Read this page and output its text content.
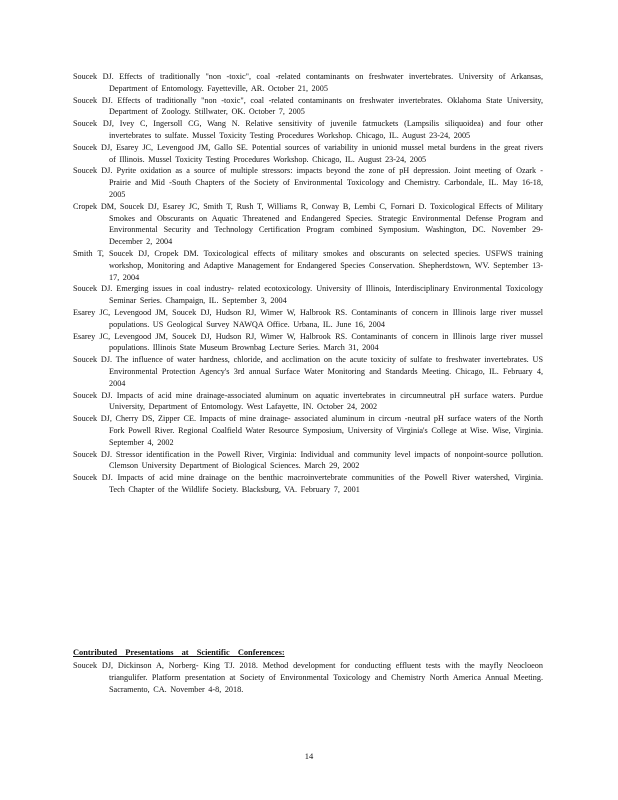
Soucek DJ. Effects of traditionally "non -toxic", coal -related contaminants on freshwater invertebrates. University of Arkansas, Department of Entomology. Fayetteville, AR. October 21, 2005

Soucek DJ. Effects of traditionally "non -toxic", coal -related contaminants on freshwater invertebrates. Oklahoma State University, Department of Zoology. Stillwater, OK. October 7, 2005

Soucek DJ, Ivey C, Ingersoll CG, Wang N. Relative sensitivity of juvenile fatmuckets (Lampsilis siliquoidea) and four other invertebrates to sulfate. Mussel Toxicity Testing Procedures Workshop. Chicago, IL. August 23-24, 2005

Soucek DJ, Esarey JC, Levengood JM, Gallo SE. Potential sources of variability in unionid mussel metal burdens in the great rivers of Illinois. Mussel Toxicity Testing Procedures Workshop. Chicago, IL. August 23-24, 2005

Soucek DJ. Pyrite oxidation as a source of multiple stressors: impacts beyond the zone of pH depression. Joint meeting of Ozark -Prairie and Mid -South Chapters of the Society of Environmental Toxicology and Chemistry. Carbondale, IL. May 16-18, 2005

Cropek DM, Soucek DJ, Esarey JC, Smith T, Rush T, Williams R, Conway B, Lembi C, Fornari D. Toxicological Effects of Military Smokes and Obscurants on Aquatic Threatened and Endangered Species. Strategic Environmental Defense Program and Environmental Security and Technology Certification Program combined Symposium. Washington, DC. November 29- December 2, 2004

Smith T, Soucek DJ, Cropek DM. Toxicological effects of military smokes and obscurants on selected species. USFWS training workshop, Monitoring and Adaptive Management for Endangered Species Conservation. Shepherdstown, WV. September 13-17, 2004

Soucek DJ. Emerging issues in coal industry- related ecotoxicology. University of Illinois, Interdisciplinary Environmental Toxicology Seminar Series. Champaign, IL. September 3, 2004

Esarey JC, Levengood JM, Soucek DJ, Hudson RJ, Wimer W, Halbrook RS. Contaminants of concern in Illinois large river mussel populations. US Geological Survey NAWQA Office. Urbana, IL. June 16, 2004

Esarey JC, Levengood JM, Soucek DJ, Hudson RJ, Wimer W, Halbrook RS. Contaminants of concern in Illinois large river mussel populations. Illinois State Museum Brownbag Lecture Series. March 31, 2004

Soucek DJ. The influence of water hardness, chloride, and acclimation on the acute toxicity of sulfate to freshwater invertebrates. US Environmental Protection Agency's 3rd annual Surface Water Monitoring and Standards Meeting. Chicago, IL. February 4, 2004

Soucek DJ. Impacts of acid mine drainage-associated aluminum on aquatic invertebrates in circumneutral pH surface waters. Purdue University, Department of Entomology. West Lafayette, IN. October 24, 2002

Soucek DJ, Cherry DS, Zipper CE. Impacts of mine drainage- associated aluminum in circum -neutral pH surface waters of the North Fork Powell River. Regional Coalfield Water Resource Symposium, University of Virginia's College at Wise. Wise, Virginia. September 4, 2002

Soucek DJ. Stressor identification in the Powell River, Virginia: Individual and community level impacts of nonpoint-source pollution. Clemson University Department of Biological Sciences. March 29, 2002

Soucek DJ. Impacts of acid mine drainage on the benthic macroinvertebrate communities of the Powell River watershed, Virginia. Tech Chapter of the Wildlife Society. Blacksburg, VA. February 7, 2001

Contributed Presentations at Scientific Conferences:

Soucek DJ, Dickinson A, Norberg- King TJ. 2018. Method development for conducting effluent tests with the mayfly Neocloeon triangulifer. Platform presentation at Society of Environmental Toxicology and Chemistry North America Annual Meeting. Sacramento, CA. November 4-8, 2018.

14
